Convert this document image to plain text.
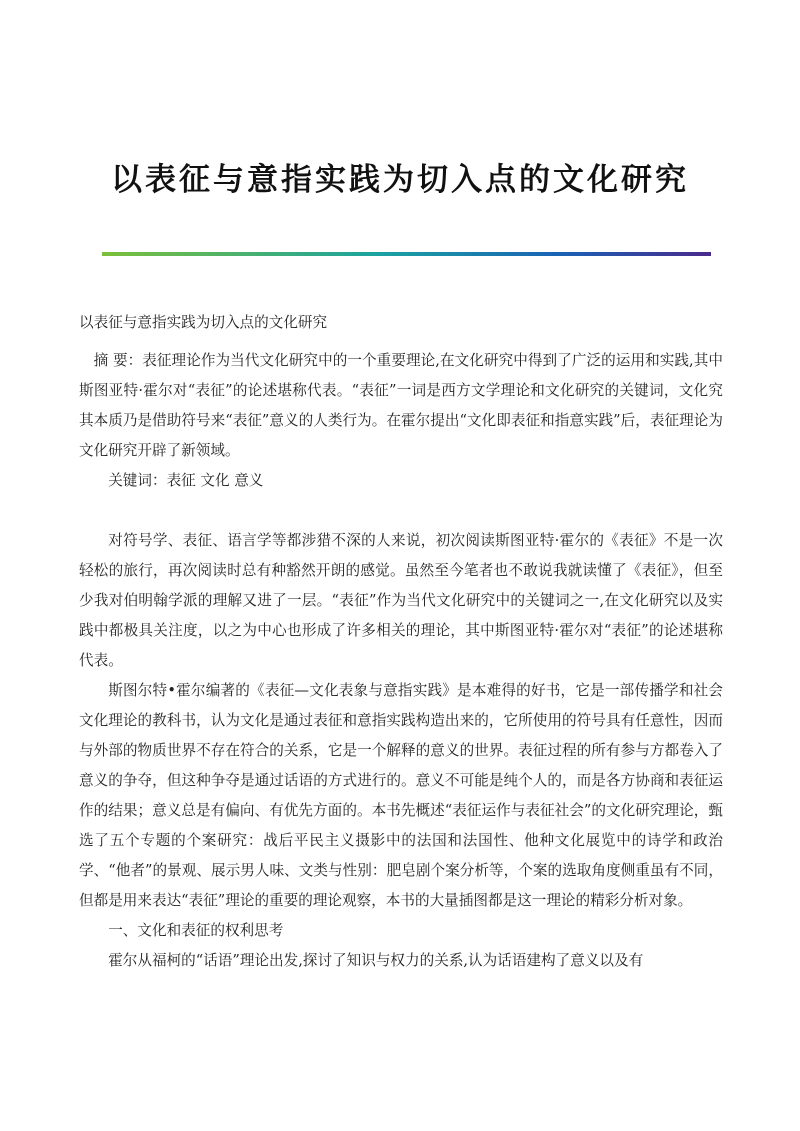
以表征与意指实践为切入点的文化研究

以表征与意指实践为切入点的文化研究

摘 要：表征理论作为当代文化研究中的一个重要理论,在文化研究中得到了广泛的运用和实践,其中斯图亚特·霍尔对“表征”的论述堪称代表。“表征”一词是西方文学理论和文化研究的关键词，文化究其本质乃是借助符号来“表征”意义的人类行为。在霍尔提出“文化即表征和指意实践”后，表征理论为文化研究开辟了新领域。

关键词：表征 文化 意义

对符号学、表征、语言学等都涉猎不深的人来说，初次阅读斯图亚特·霍尔的《表征》不是一次轻松的旅行，再次阅读时总有种豁然开朗的感觉。虽然至今笔者也不敢说我就读懂了《表征》，但至少我对伯明翰学派的理解又进了一层。“表征”作为当代文化研究中的关键词之一,在文化研究以及实践中都极具关注度，以之为中心也形成了许多相关的理论，其中斯图亚特·霍尔对“表征”的论述堪称代表。

斯图尔特•霍尔编著的《表征—文化表象与意指实践》是本难得的好书，它是一部传播学和社会文化理论的教科书，认为文化是通过表征和意指实践构造出来的，它所使用的符号具有任意性，因而与外部的物质世界不存在符合的关系，它是一个解释的意义的世界。表征过程的所有参与方都卷入了意义的争夺，但这种争夺是通过话语的方式进行的。意义不可能是纯个人的，而是各方协商和表征运作的结果；意义总是有偏向、有优先方面的。本书先概述“表征运作与表征社会”的文化研究理论，甄选了五个专题的个案研究：战后平民主义摄影中的法国和法国性、他种文化展览中的诗学和政治学、“他者”的景观、展示男人味、文类与性别：肥皂剧个案分析等，个案的选取角度侧重虽有不同，但都是用来表达“表征”理论的重要的理论观察，本书的大量插图都是这一理论的精彩分析对象。

一、文化和表征的权利思考

霍尔从福柯的“话语”理论出发,探讨了知识与权力的关系,认为话语建构了意义以及有
